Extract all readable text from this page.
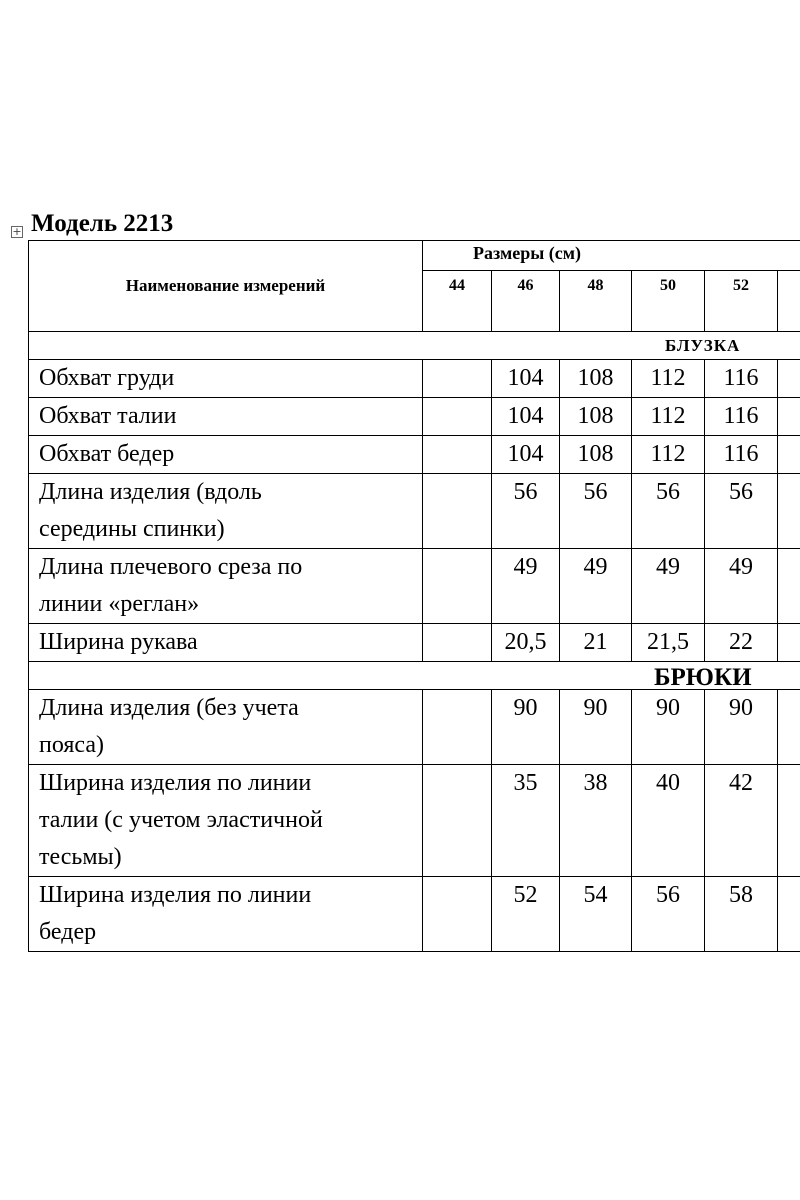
+ Модель 2213
Наименование измерений	Размеры (см)					
	44	46	48	50	52	

БЛУЗКА						

Обхват груди		104	108	112	116	

Обхват талии		104	108	112	116	

Обхват бедер		104	108	112	116	

Длина изделия (вдоль
середины спинки)		56	56	56	56	

Длина плечевого среза по
линии «реглан»		49	49	49	49	

Ширина рукава		20,5	21	21,5	22	

БРЮКИ						

Длина изделия (без учета
пояса)		90	90	90	90	

Ширина изделия по линии
талии (с учетом эластичной
тесьмы)		35	38	40	42	

Ширина изделия по линии
бедер		52	54	56	58	
